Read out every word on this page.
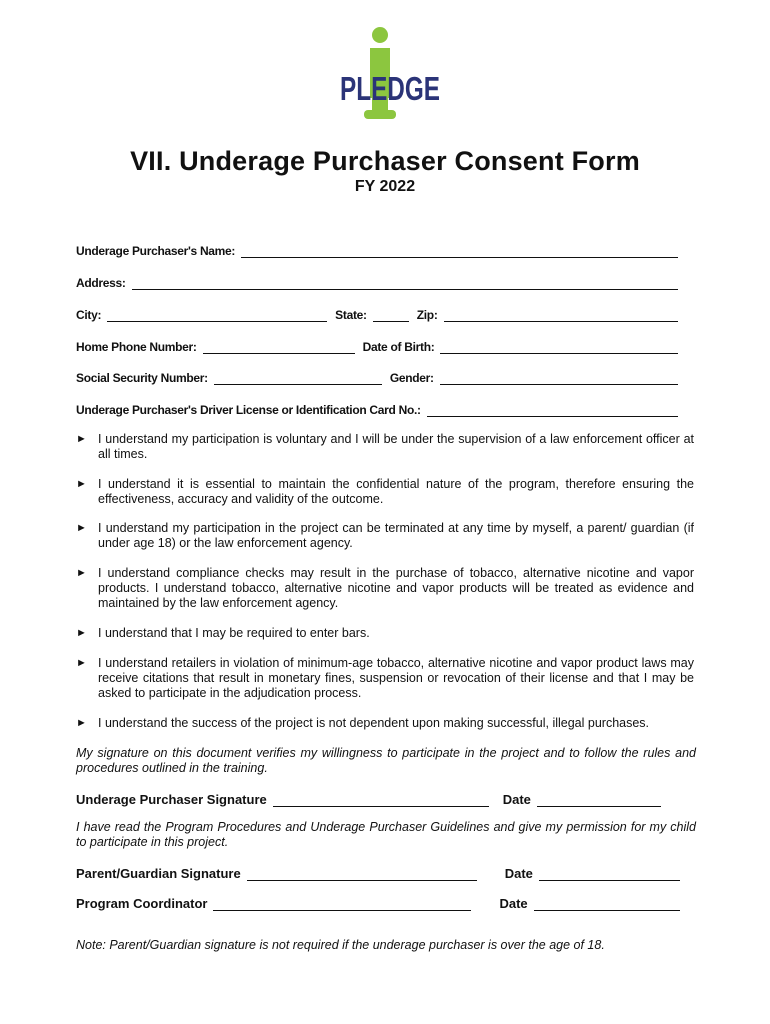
PLEDGE
VII. Underage Purchaser Consent Form
FY 2022
Underage Purchaser's Name:
Address:
City:	State:	Zip:
Home Phone Number:	Date of Birth:
Social Security Number:	Gender:
Underage Purchaser's Driver License or Identification Card No.:
► I understand my participation is voluntary and I will be under the supervision of a law enforcement officer at all times.
► I understand it is essential to maintain the confidential nature of the program, therefore ensuring the effectiveness, accuracy and validity of the outcome.
► I understand my participation in the project can be terminated at any time by myself, a parent/ guardian (if under age 18) or the law enforcement agency.
► I understand compliance checks may result in the purchase of tobacco, alternative nicotine and vapor products. I understand tobacco, alternative nicotine and vapor products will be treated as evidence and maintained by the law enforcement agency.
► I understand that I may be required to enter bars.
► I understand retailers in violation of minimum-age tobacco, alternative nicotine and vapor product laws may receive citations that result in monetary fines, suspension or revocation of their license and that I may be asked to participate in the adjudication process.
► I understand the success of the project is not dependent upon making successful, illegal purchases.
My signature on this document verifies my willingness to participate in the project and to follow the rules and procedures outlined in the training.
Underage Purchaser Signature	Date
I have read the Program Procedures and Underage Purchaser Guidelines and give my permission for my child to participate in this project.
Parent/Guardian Signature	Date
Program Coordinator	Date
Note: Parent/Guardian signature is not required if the underage purchaser is over the age of 18.
